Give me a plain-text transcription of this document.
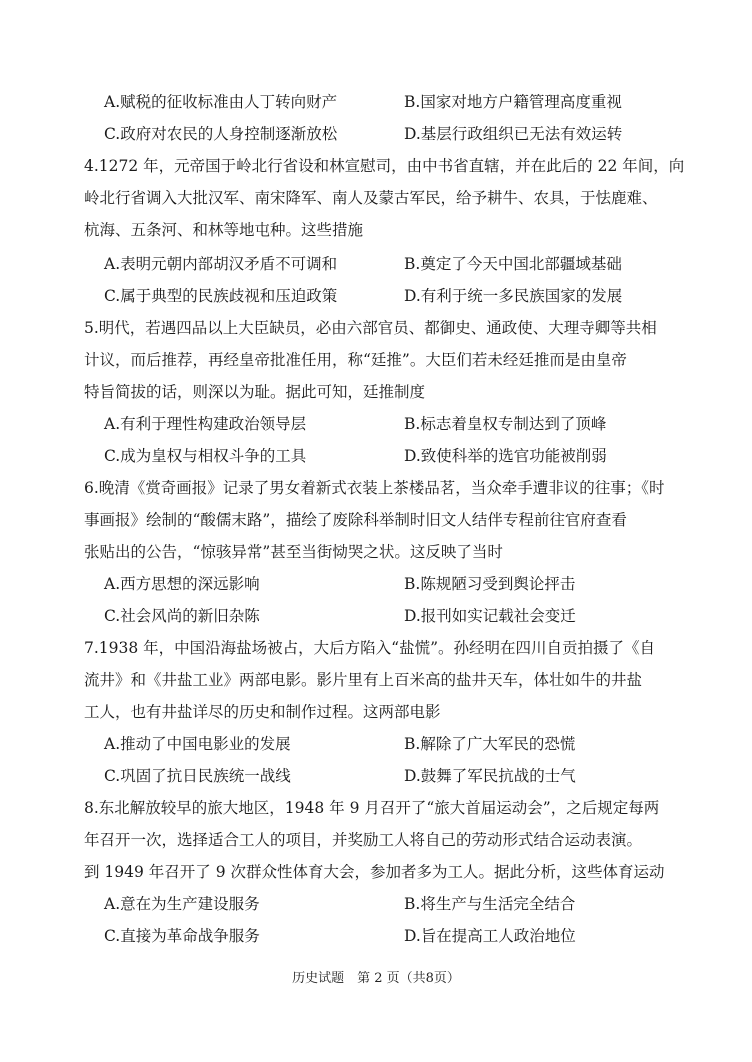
A.赋税的征收标准由人丁转向财产	B.国家对地方户籍管理高度重视
C.政府对农民的人身控制逐渐放松	D.基层行政组织已无法有效运转
4.1272 年，元帝国于岭北行省设和林宣慰司，由中书省直辖，并在此后的 22 年间，向
岭北行省调入大批汉军、南宋降军、南人及蒙古军民，给予耕牛、农具，于怯鹿难、
杭海、五条河、和林等地屯种。这些措施
A.表明元朝内部胡汉矛盾不可调和	B.奠定了今天中国北部疆域基础
C.属于典型的民族歧视和压迫政策	D.有利于统一多民族国家的发展
5.明代，若遇四品以上大臣缺员，必由六部官员、都御史、通政使、大理寺卿等共相
计议，而后推荐，再经皇帝批准任用，称“廷推”。大臣们若未经廷推而是由皇帝
特旨简拔的话，则深以为耻。据此可知，廷推制度
A.有利于理性构建政治领导层	B.标志着皇权专制达到了顶峰
C.成为皇权与相权斗争的工具	D.致使科举的选官功能被削弱
6.晚清《赏奇画报》记录了男女着新式衣装上茶楼品茗，当众牵手遭非议的往事；《时
事画报》绘制的“酸儒末路”，描绘了废除科举制时旧文人结伴专程前往官府查看
张贴出的公告，“惊骇异常”甚至当街恸哭之状。这反映了当时
A.西方思想的深远影响	B.陈规陋习受到舆论抨击
C.社会风尚的新旧杂陈	D.报刊如实记载社会变迁
7.1938 年，中国沿海盐场被占，大后方陷入“盐慌”。孙经明在四川自贡拍摄了《自
流井》和《井盐工业》两部电影。影片里有上百米高的盐井天车，体壮如牛的井盐
工人，也有井盐详尽的历史和制作过程。这两部电影
A.推动了中国电影业的发展	B.解除了广大军民的恐慌
C.巩固了抗日民族统一战线	D.鼓舞了军民抗战的士气
8.东北解放较早的旅大地区，1948 年 9 月召开了“旅大首届运动会”，之后规定每两
年召开一次，选择适合工人的项目，并奖励工人将自己的劳动形式结合运动表演。
到 1949 年召开了 9 次群众性体育大会，参加者多为工人。据此分析，这些体育运动
A.意在为生产建设服务	B.将生产与生活完全结合
C.直接为革命战争服务	D.旨在提高工人政治地位
历史试题　第 2 页（共8页）
